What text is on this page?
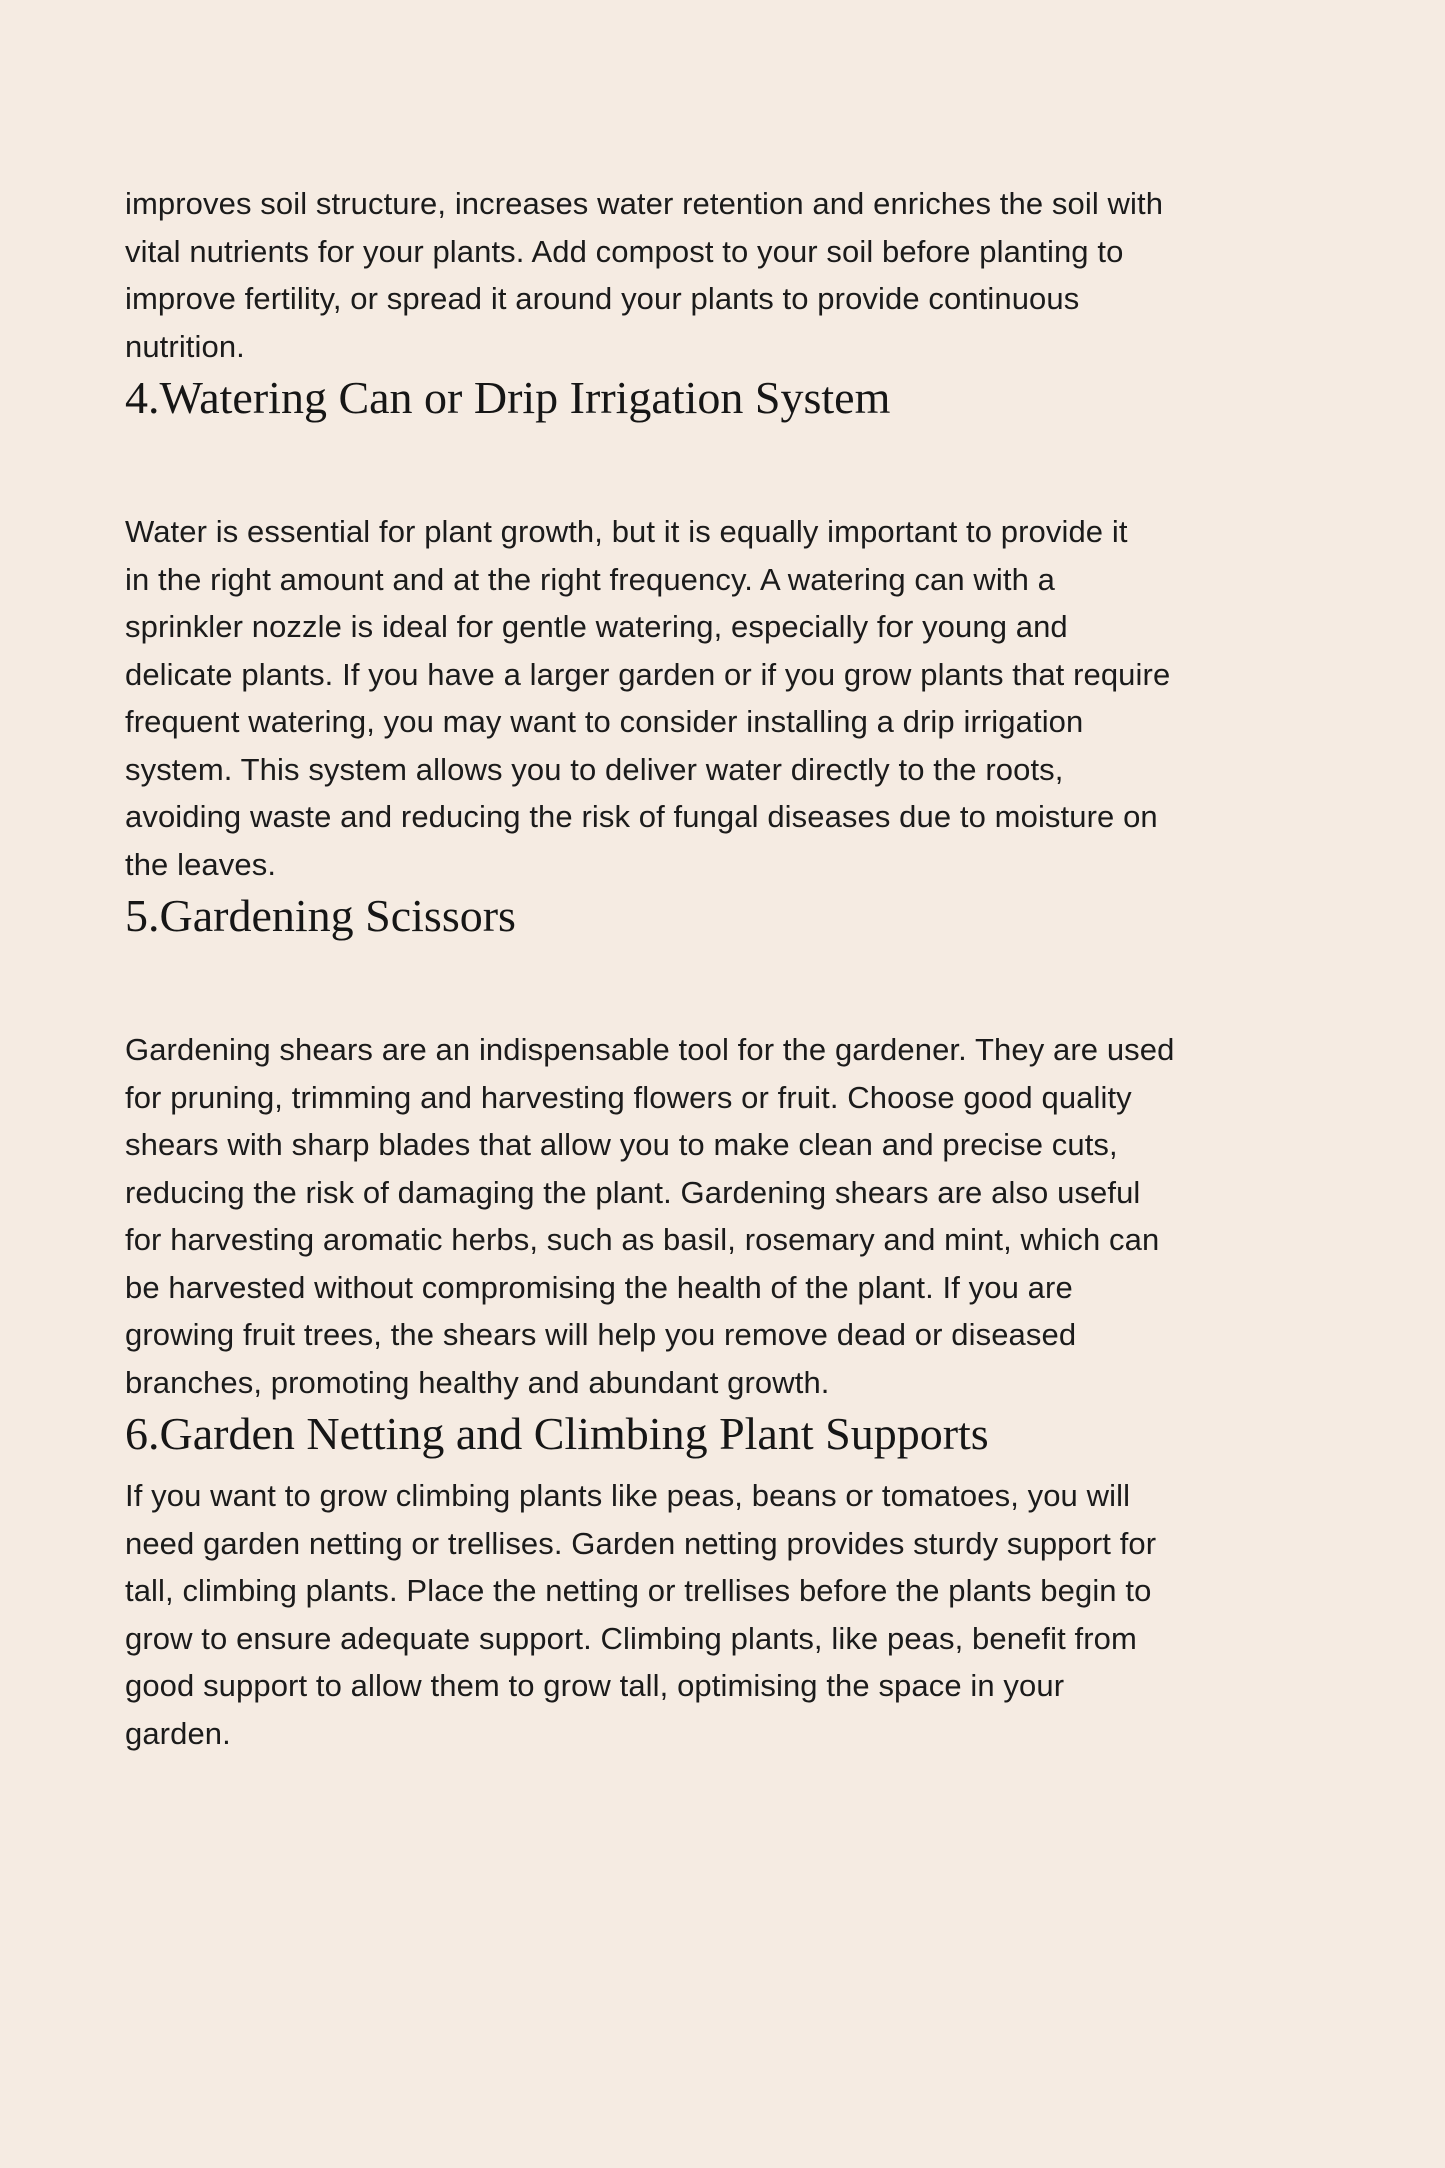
improves soil structure, increases water retention and enriches the soil with
vital nutrients for your plants. Add compost to your soil before planting to
improve fertility, or spread it around your plants to provide continuous
nutrition.

4.Watering Can or Drip Irrigation System

Water is essential for plant growth, but it is equally important to provide it
in the right amount and at the right frequency. A watering can with a
sprinkler nozzle is ideal for gentle watering, especially for young and
delicate plants. If you have a larger garden or if you grow plants that require
frequent watering, you may want to consider installing a drip irrigation
system. This system allows you to deliver water directly to the roots,
avoiding waste and reducing the risk of fungal diseases due to moisture on
the leaves.

5.Gardening Scissors

Gardening shears are an indispensable tool for the gardener. They are used
for pruning, trimming and harvesting flowers or fruit. Choose good quality
shears with sharp blades that allow you to make clean and precise cuts,
reducing the risk of damaging the plant. Gardening shears are also useful
for harvesting aromatic herbs, such as basil, rosemary and mint, which can
be harvested without compromising the health of the plant. If you are
growing fruit trees, the shears will help you remove dead or diseased
branches, promoting healthy and abundant growth.

6.Garden Netting and Climbing Plant Supports

If you want to grow climbing plants like peas, beans or tomatoes, you will
need garden netting or trellises. Garden netting provides sturdy support for
tall, climbing plants. Place the netting or trellises before the plants begin to
grow to ensure adequate support. Climbing plants, like peas, benefit from
good support to allow them to grow tall, optimising the space in your
garden.
